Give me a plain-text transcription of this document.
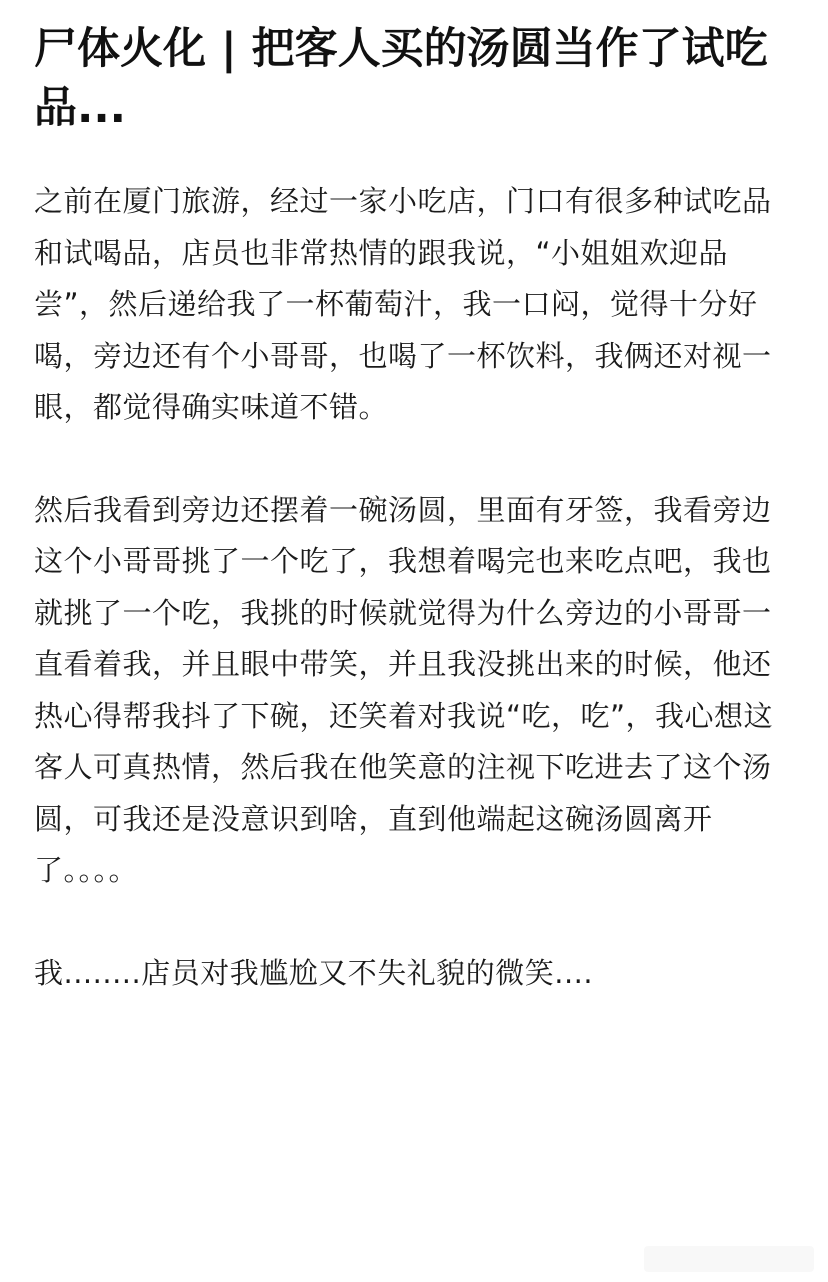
尸体火化 | 把客人买的汤圆当作了试吃品...

之前在厦门旅游，经过一家小吃店，门口有很多种试吃品和试喝品，店员也非常热情的跟我说，“小姐姐欢迎品尝”，然后递给我了一杯葡萄汁，我一口闷，觉得十分好喝，旁边还有个小哥哥，也喝了一杯饮料，我俩还对视一眼，都觉得确实味道不错。

然后我看到旁边还摆着一碗汤圆，里面有牙签，我看旁边这个小哥哥挑了一个吃了，我想着喝完也来吃点吧，我也就挑了一个吃，我挑的时候就觉得为什么旁边的小哥哥一直看着我，并且眼中带笑，并且我没挑出来的时候，他还热心得帮我抖了下碗，还笑着对我说“吃，吃”，我心想这客人可真热情，然后我在他笑意的注视下吃进去了这个汤圆，可我还是没意识到啥，直到他端起这碗汤圆离开了。。。。

我........店员对我尴尬又不失礼貌的微笑....
